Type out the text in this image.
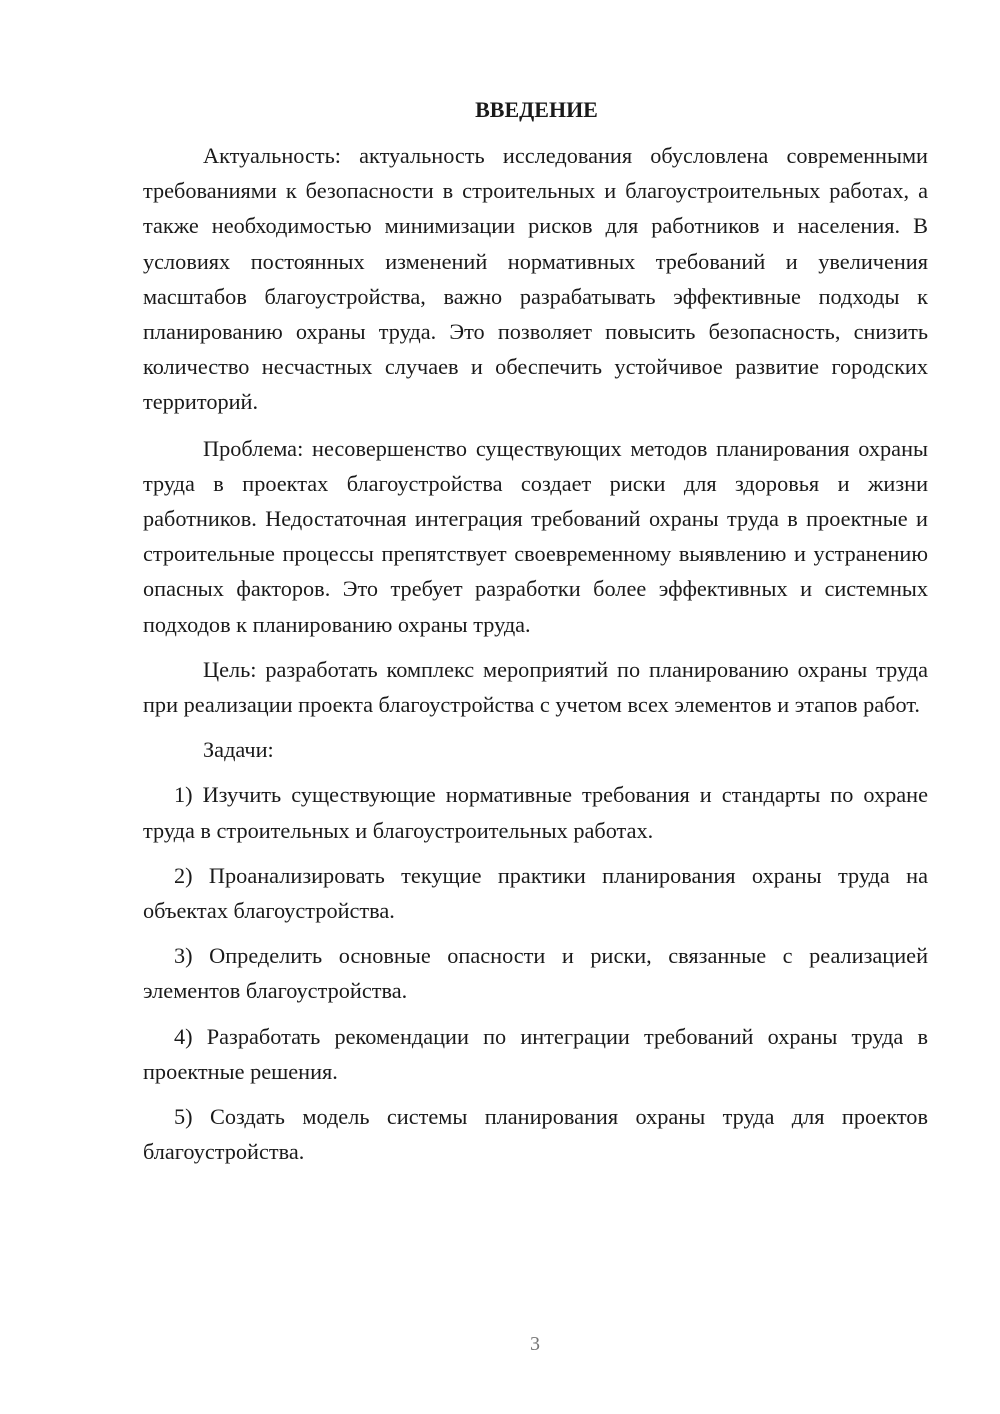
ВВЕДЕНИЕ

Актуальность: актуальность исследования обусловлена современными требованиями к безопасности в строительных и благоустроительных работах, а также необходимостью минимизации рисков для работников и населения. В условиях постоянных изменений нормативных требований и увеличения масштабов благоустройства, важно разрабатывать эффективные подходы к планированию охраны труда. Это позволяет повысить безопасность, снизить количество несчастных случаев и обеспечить устойчивое развитие городских территорий.

Проблема: несовершенство существующих методов планирования охраны труда в проектах благоустройства создает риски для здоровья и жизни работников. Недостаточная интеграция требований охраны труда в проектные и строительные процессы препятствует своевременному выявлению и устранению опасных факторов. Это требует разработки более эффективных и системных подходов к планированию охраны труда.

Цель: разработать комплекс мероприятий по планированию охраны труда при реализации проекта благоустройства с учетом всех элементов и этапов работ.

Задачи:

1) Изучить существующие нормативные требования и стандарты по охране труда в строительных и благоустроительных работах.

2) Проанализировать текущие практики планирования охраны труда на объектах благоустройства.

3) Определить основные опасности и риски, связанные с реализацией элементов благоустройства.

4) Разработать рекомендации по интеграции требований охраны труда в проектные решения.

5) Создать модель системы планирования охраны труда для проектов благоустройства.

3
